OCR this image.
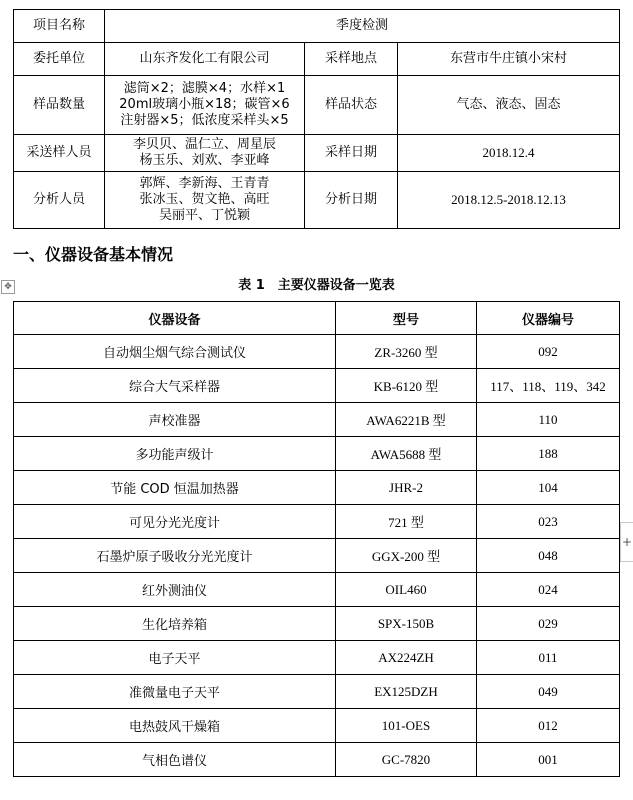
项目名称	季度检测		
委托单位	山东齐发化工有限公司	采样地点	东营市牛庄镇小宋村
样品数量	滤筒×2；滤膜×4；水样×1
20ml玻璃小瓶×18；碳管×6
注射器×5；低浓度采样头×5	样品状态	气态、液态、固态
采送样人员	李贝贝、温仁立、周星辰
杨玉乐、刘欢、李亚峰	采样日期	2018.12.4
分析人员	郭辉、李新海、王青青
张冰玉、贺文艳、高旺
吴丽平、丁悦颖	分析日期	2018.12.5-2018.12.13
一、仪器设备基本情况
✥	表 1　主要仪器设备一览表
仪器设备	型号	仪器编号
自动烟尘烟气综合测试仪	ZR-3260 型	092
综合大气采样器	KB-6120 型	117、118、119、342
声校准器	AWA6221B 型	110
多功能声级计	AWA5688 型	188
节能 COD 恒温加热器	JHR-2	104
可见分光光度计	721 型	023
石墨炉原子吸收分光光度计	GGX-200 型	048
红外测油仪	OIL460	024
生化培养箱	SPX-150B	029
电子天平	AX224ZH	011
准微量电子天平	EX125DZH	049
电热鼓风干燥箱	101-OES	012
气相色谱仪	GC-7820	001
+
